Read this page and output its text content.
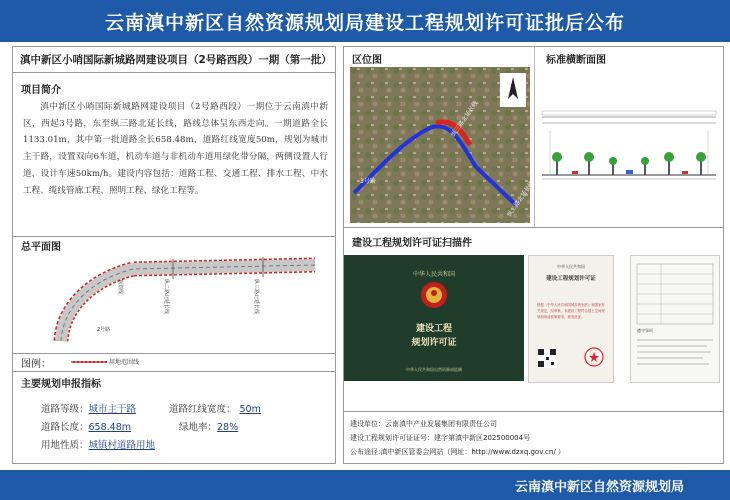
云南滇中新区自然资源规划局建设工程规划许可证批后公布
滇中新区小哨国际新城路网建设项目（2号路西段）一期（第一批）
项目简介
滇中新区小哨国际新城路网建设项目（2号路西段）一期位于云南滇中新区，西起3号路，东至纵三路北延长线，路线总体呈东西走向。一期道路全长1133.01m，其中第一批道路全长658.48m，道路红线宽度50m，规划为城市主干路，设置双向6车道，机动车道与非机动车道用绿化带分隔，两侧设置人行道，设计车速50km/h。建设内容包括：道路工程、交通工程、排水工程、中水工程、缆线管廊工程、照明工程、绿化工程等。
总平面图
规划线	纵二路北延长线	纵三路北延长线
2号路
图例：	用地范围线
主要规划申报指标
道路等级：城市主干路	道路红线宽度： 50m
道路长度：658.48m	绿地率：28%
用地性质：城镇村道路用地
区位图	标准横断面图
3号路
纵三路北延长线
纵二路北延长线
建设工程规划许可证扫描件
中华人民共和国
建设工程
规划许可证
中华人民共和国自然资源部监制
中华人民共和国
建设工程规划许可证
根据《中华人民共和国城乡规划法》和国家有关规定，经审核，本建设工程符合国土空间规划和用途管制要求，颁发此证。
遵守事项
建设单位：云南滇中产业发展集团有限责任公司
建设工程规划许可证证号：建字第滇中新区202500004号
公布途径:滇中新区管委会网站（网址：http://www.dzxq.gov.cn/ ）
云南滇中新区自然资源规划局
